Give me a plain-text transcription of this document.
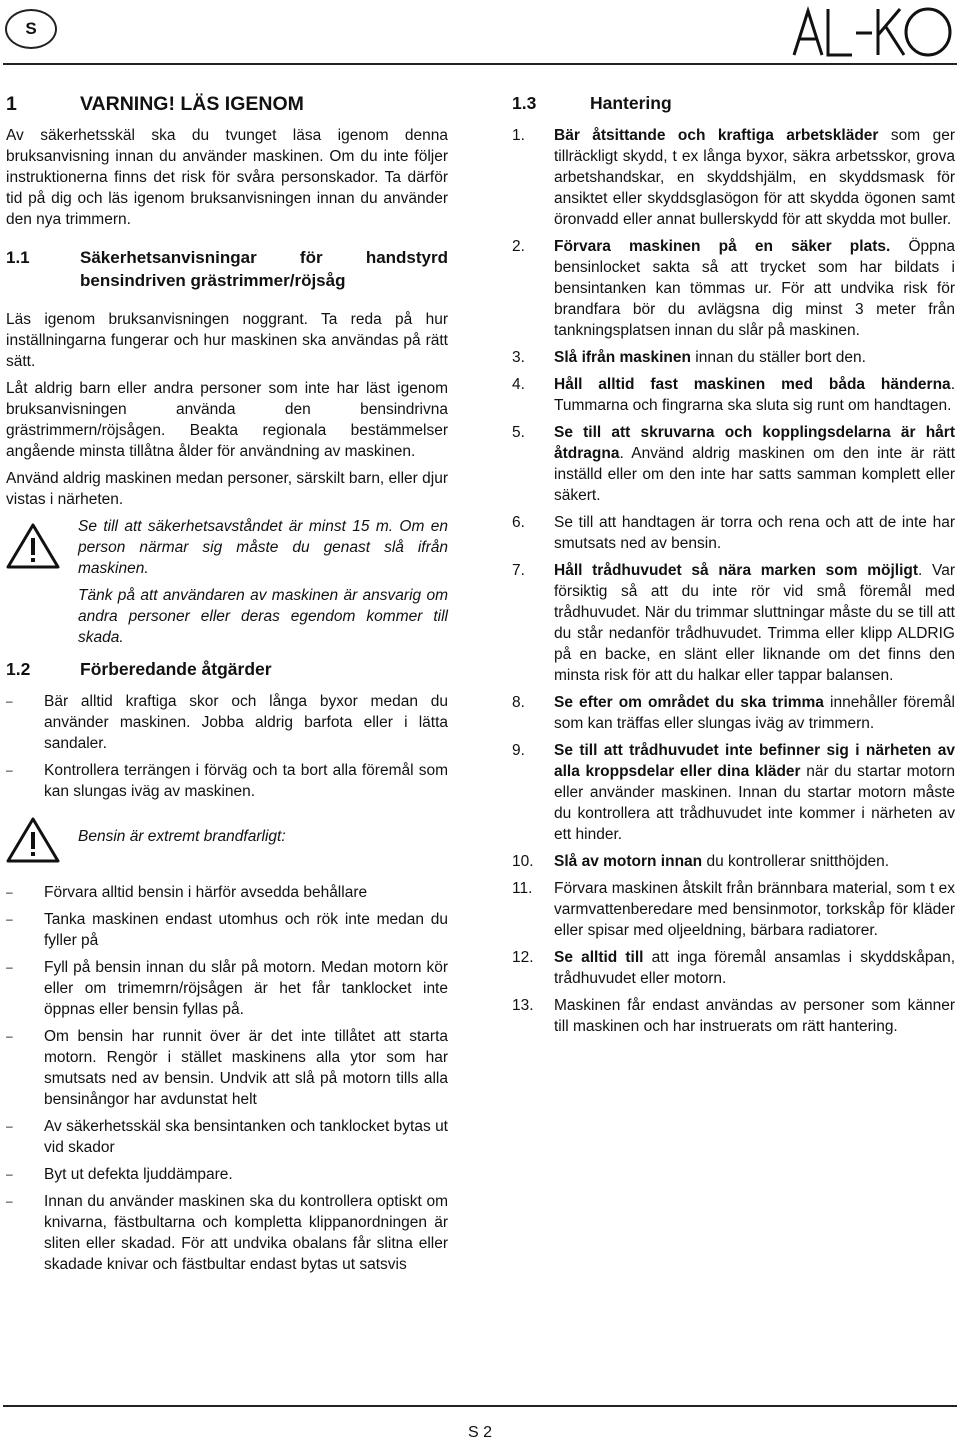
S
AL-KO
1	VARNING! LÄS IGENOM

Av säkerhetsskäl ska du tvunget läsa igenom denna bruksanvisning innan du använder maskinen. Om du inte följer instruktionerna finns det risk för svåra personskador. Ta därför tid på dig och läs igenom bruksanvisningen innan du använder den nya trimmern.

1.1	Säkerhetsanvisningar för handstyrd
bensindriven grästrimmer/röjsåg

Läs igenom bruksanvisningen noggrant. Ta reda på hur inställningarna fungerar och hur maskinen ska användas på rätt sätt.

Låt aldrig barn eller andra personer som inte har läst igenom bruksanvisningen använda den bensindrivna grästrimmern/röjsågen. Beakta regionala bestämmelser angående minsta tillåtna ålder för användning av maskinen.

Använd aldrig maskinen medan personer, särskilt barn, eller djur vistas i närheten.

Se till att säkerhetsavståndet är minst 15 m. Om en person närmar sig måste du genast slå ifrån maskinen.

Tänk på att användaren av maskinen är ansvarig om andra personer eller deras egendom kommer till skada.

1.2	Förberedande åtgärder
–	Bär alltid kraftiga skor och långa byxor medan du använder maskinen. Jobba aldrig barfota eller i lätta sandaler.
–	Kontrollera terrängen i förväg och ta bort alla föremål som kan slungas iväg av maskinen.

Bensin är extremt brandfarligt:

–	Förvara alltid bensin i härför avsedda behållare
–	Tanka maskinen endast utomhus och rök inte medan du fyller på
–	Fyll på bensin innan du slår på motorn. Medan motorn kör eller om trimemrn/röjsågen är het får tanklocket inte öppnas eller bensin fyllas på.
–	Om bensin har runnit över är det inte tillåtet att starta motorn. Rengör i stället maskinens alla ytor som har smutsats ned av bensin. Undvik att slå på motorn tills alla bensinångor har avdunstat helt
–	Av säkerhetsskäl ska bensintanken och tanklocket bytas ut vid skador
–	Byt ut defekta ljuddämpare.
–	Innan du använder maskinen ska du kontrollera optiskt om knivarna, fästbultarna och kompletta klippanordningen är sliten eller skadad. För att undvika obalans får slitna eller skadade knivar och fästbultar endast bytas ut satsvis
1.3	Hantering
1.	Bär åtsittande och kraftiga arbetskläder som ger tillräckligt skydd, t ex långa byxor, säkra arbetsskor, grova arbetshandskar, en skyddshjälm, en skyddsmask för ansiktet eller skyddsglasögon för att skydda ögonen samt öronvadd eller annat bullerskydd för att skydda mot buller.
2.	Förvara maskinen på en säker plats. Öppna bensinlocket sakta så att trycket som har bildats i bensintanken kan tömmas ur. För att undvika risk för brandfara bör du avlägsna dig minst 3 meter från tankningsplatsen innan du slår på maskinen.
3.	Slå ifrån maskinen innan du ställer bort den.
4.	Håll alltid fast maskinen med båda händerna. Tummarna och fingrarna ska sluta sig runt om handtagen.
5.	Se till att skruvarna och kopplingsdelarna är hårt åtdragna. Använd aldrig maskinen om den inte är rätt inställd eller om den inte har satts samman komplett eller säkert.
6.	Se till att handtagen är torra och rena och att de inte har smutsats ned av bensin.
7.	Håll trådhuvudet så nära marken som möjligt. Var försiktig så att du inte rör vid små föremål med trådhuvudet. När du trimmar sluttningar måste du se till att du står nedanför trådhuvudet. Trimma eller klipp ALDRIG på en backe, en slänt eller liknande om det finns den minsta risk för att du halkar eller tappar balansen.
8.	Se efter om området du ska trimma innehåller föremål som kan träffas eller slungas iväg av trimmern.
9.	Se till att trådhuvudet inte befinner sig i närheten av alla kroppsdelar eller dina kläder när du startar motorn eller använder maskinen. Innan du startar motorn måste du kontrollera att trådhuvudet inte kommer i närheten av ett hinder.
10.	Slå av motorn innan du kontrollerar snitthöjden.
11.	Förvara maskinen åtskilt från brännbara material, som t ex varmvattenberedare med bensinmotor, torkskåp för kläder eller spisar med oljeeldning, bärbara radiatorer.
12.	Se alltid till att inga föremål ansamlas i skyddskåpan, trådhuvudet eller motorn.
13.	Maskinen får endast användas av personer som känner till maskinen och har instruerats om rätt hantering.
S 2
